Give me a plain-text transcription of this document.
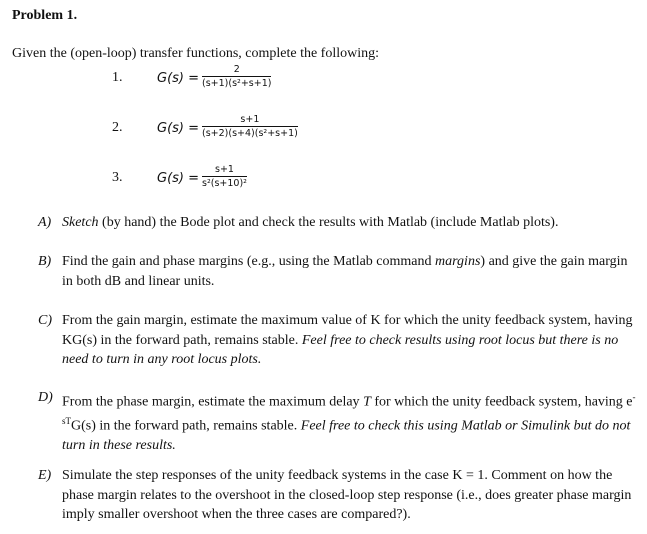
Problem 1.
Given the (open-loop) transfer functions, complete the following:
1.	$G(s) = \frac{2}{\text{(s+1)(s²+s+1)}}$
2.	$G(s) = \frac{s+1}{\text{(s+2)(s+4)(s²+s+1)}}$
3.	$G(s) = \frac{s+1}{\text{s²(s+10)²}}$
A) Sketch (by hand) the Bode plot and check the results with Matlab (include Matlab plots).
B) Find the gain and phase margins (e.g., using the Matlab command margins) and give the gain margin in both dB and linear units.
C) From the gain margin, estimate the maximum value of K for which the unity feedback system, having KG(s) in the forward path, remains stable. Feel free to check results using root locus but there is no need to turn in any root locus plots.
D) From the phase margin, estimate the maximum delay T for which the unity feedback system, having $e^{-sT}G(s)$ in the forward path, remains stable. Feel free to check this using Matlab or Simulink but do not turn in these results.
E) Simulate the step responses of the unity feedback systems in the case K = 1. Comment on how the phase margin relates to the overshoot in the closed-loop step response (i.e., does greater phase margin imply smaller overshoot when the three cases are compared?).
